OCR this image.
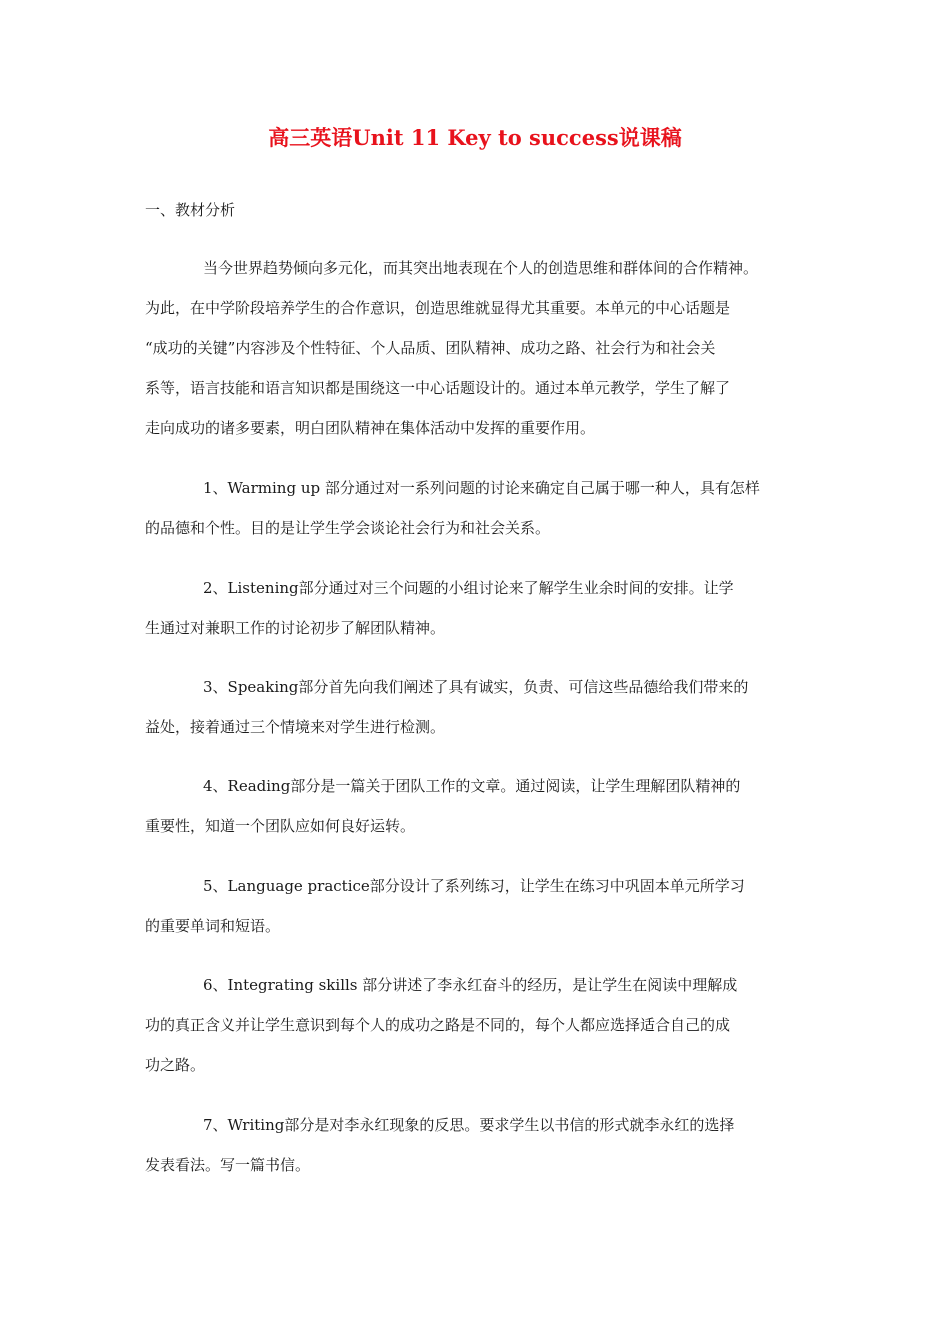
高三英语Unit 11 Key to success说课稿
一、教材分析
当今世界趋势倾向多元化，而其突出地表现在个人的创造思维和群体间的合作精神。
为此，在中学阶段培养学生的合作意识，创造思维就显得尤其重要。本单元的中心话题是
“成功的关键”内容涉及个性特征、个人品质、团队精神、成功之路、社会行为和社会关
系等，语言技能和语言知识都是围绕这一中心话题设计的。通过本单元教学，学生了解了
走向成功的诸多要素，明白团队精神在集体活动中发挥的重要作用。
1、Warming up 部分通过对一系列问题的讨论来确定自己属于哪一种人，具有怎样
的品德和个性。目的是让学生学会谈论社会行为和社会关系。
2、Listening部分通过对三个问题的小组讨论来了解学生业余时间的安排。让学
生通过对兼职工作的讨论初步了解团队精神。
3、Speaking部分首先向我们阐述了具有诚实，负责、可信这些品德给我们带来的
益处，接着通过三个情境来对学生进行检测。
4、Reading部分是一篇关于团队工作的文章。通过阅读，让学生理解团队精神的
重要性，知道一个团队应如何良好运转。
5、Language practice部分设计了系列练习，让学生在练习中巩固本单元所学习
的重要单词和短语。
6、Integrating skills 部分讲述了李永红奋斗的经历，是让学生在阅读中理解成
功的真正含义并让学生意识到每个人的成功之路是不同的，每个人都应选择适合自己的成
功之路。
7、Writing部分是对李永红现象的反思。要求学生以书信的形式就李永红的选择
发表看法。写一篇书信。
